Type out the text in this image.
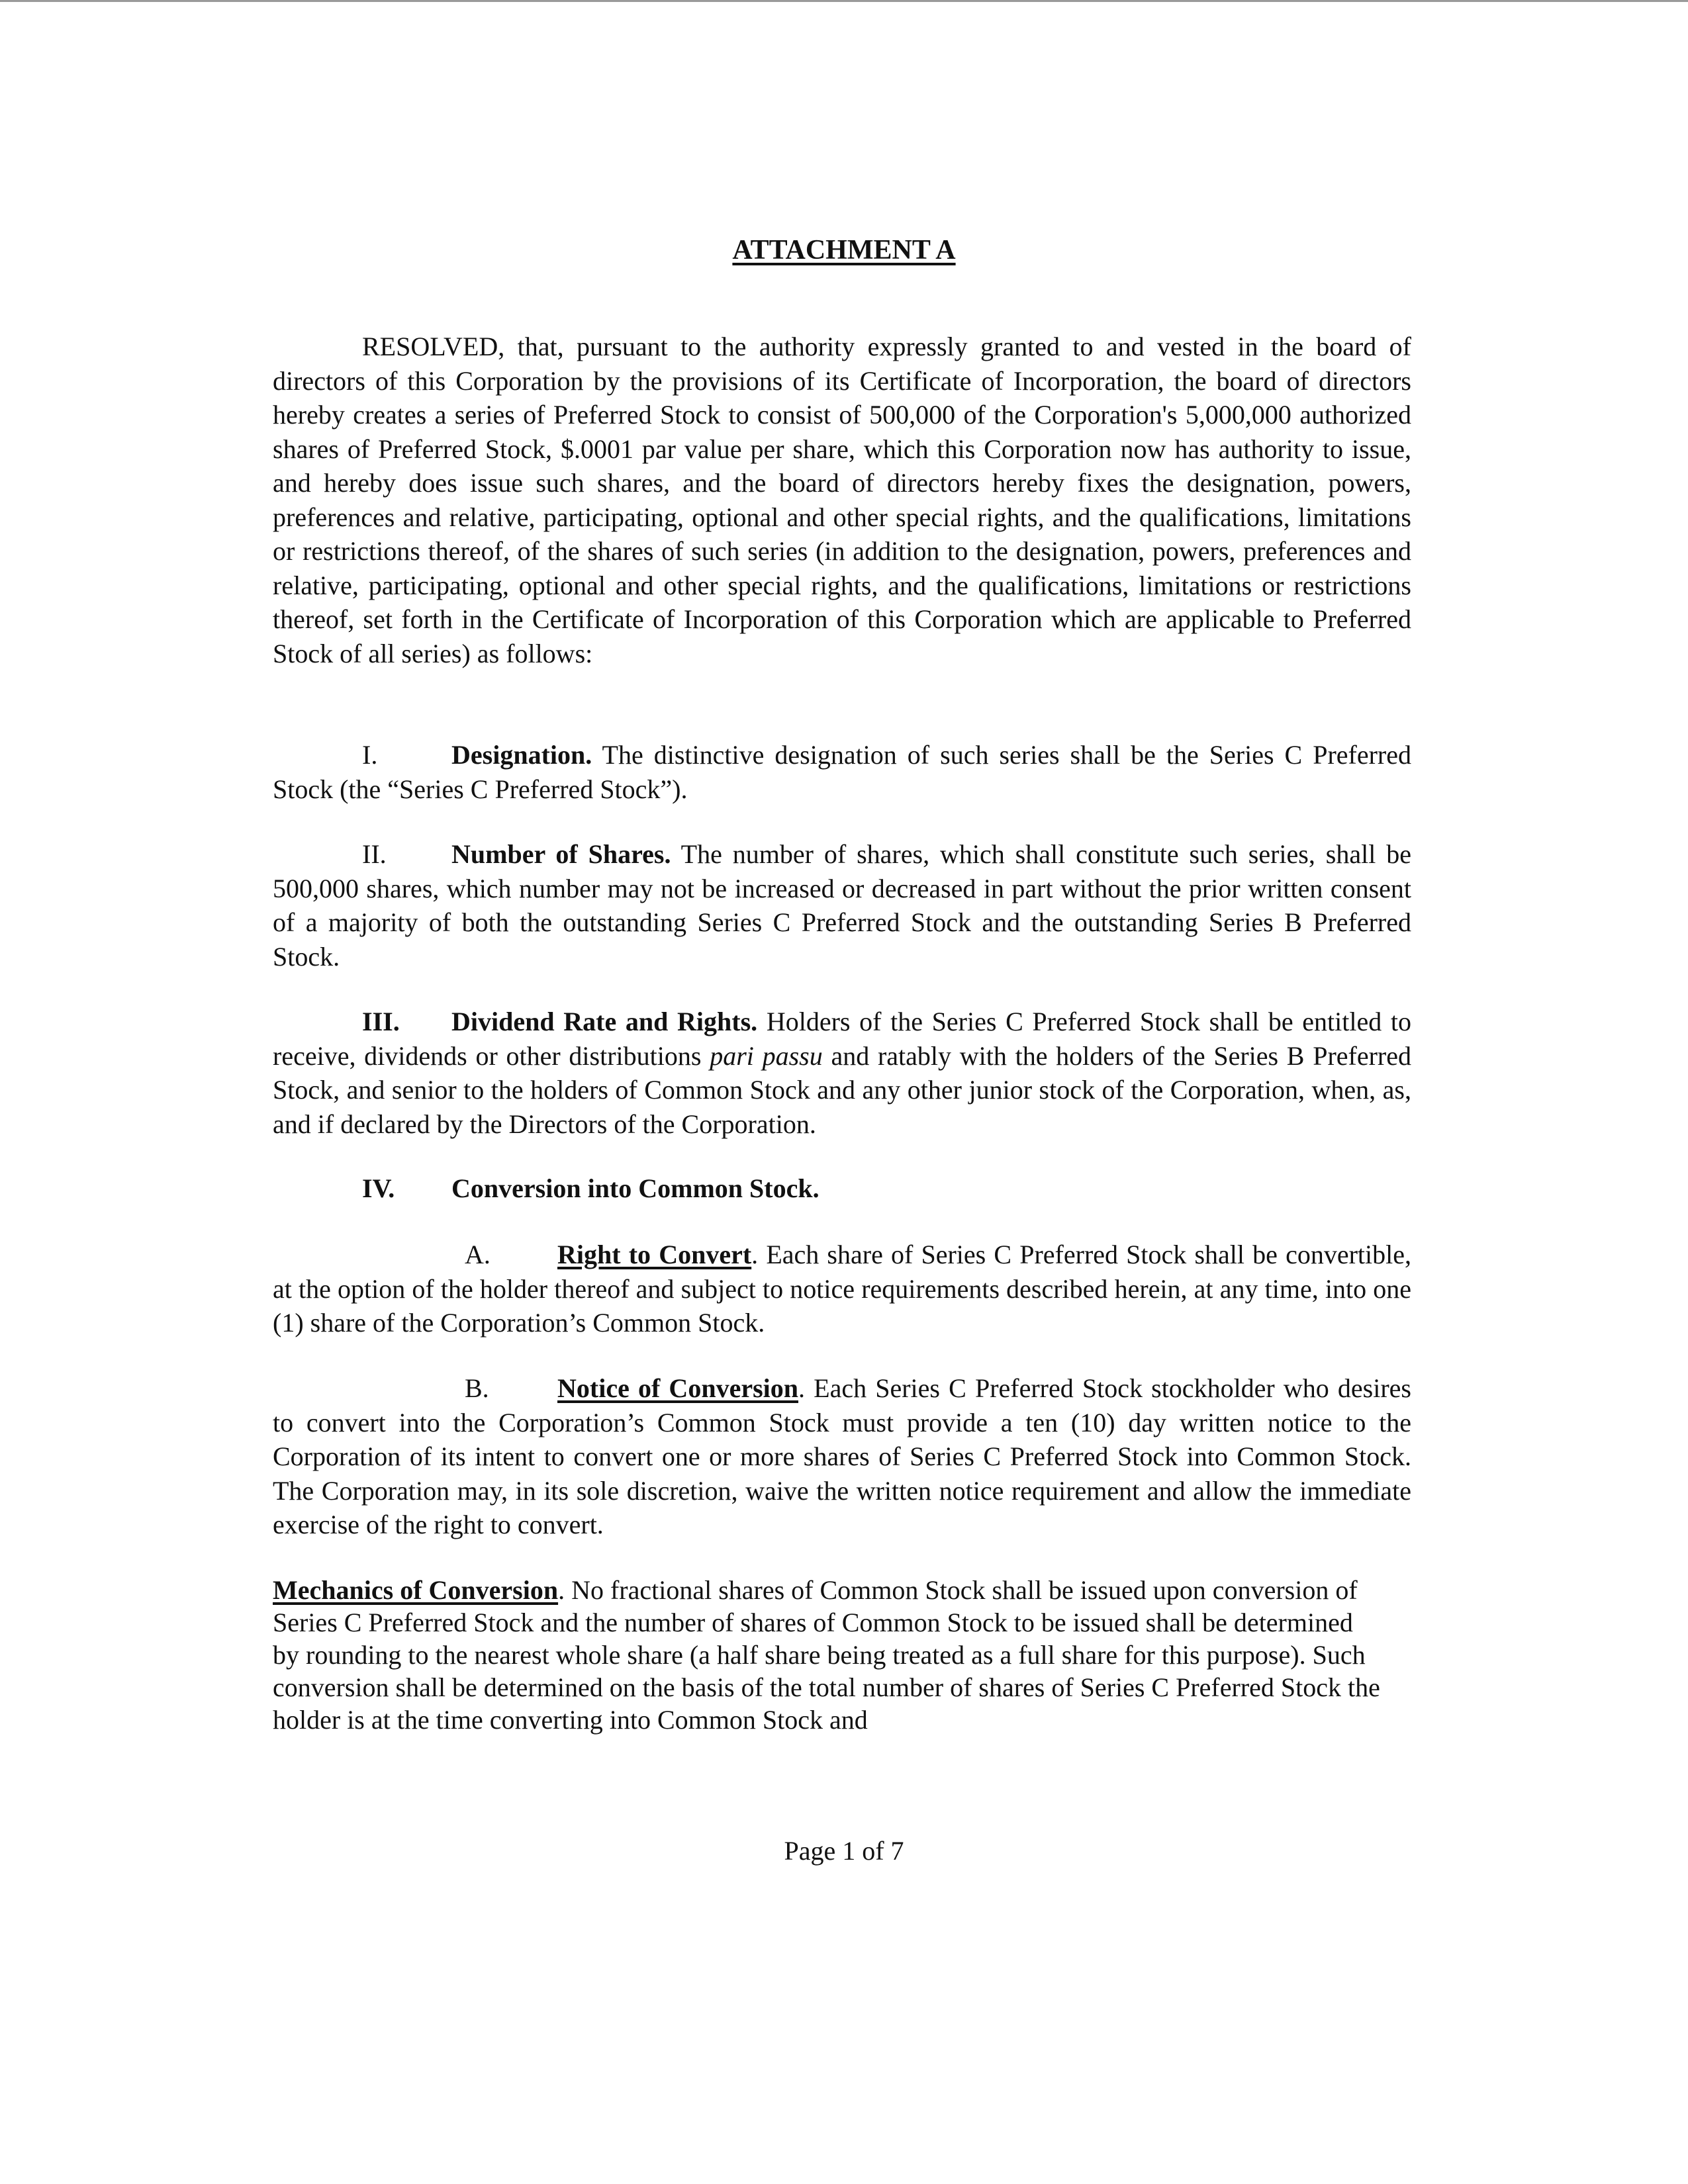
ATTACHMENT A

RESOLVED, that, pursuant to the authority expressly granted to and vested in the board of directors of this Corporation by the provisions of its Certificate of Incorporation, the board of directors hereby creates a series of Preferred Stock to consist of 500,000 of the Corporation's 5,000,000 authorized shares of Preferred Stock, $.0001 par value per share, which this Corporation now has authority to issue, and hereby does issue such shares, and the board of directors hereby fixes the designation, powers, preferences and relative, participating, optional and other special rights, and the qualifications, limitations or restrictions thereof, of the shares of such series (in addition to the designation, powers, preferences and relative, participating, optional and other special rights, and the qualifications, limitations or restrictions thereof, set forth in the Certificate of Incorporation of this Corporation which are applicable to Preferred Stock of all series) as follows:

I.	Designation. The distinctive designation of such series shall be the Series C Preferred Stock (the “Series C Preferred Stock”).

II. Number of Shares. The number of shares, which shall constitute such series, shall be 500,000 shares, which number may not be increased or decreased in part without the prior written consent of a majority of both the outstanding Series C Preferred Stock and the outstanding Series B Preferred Stock.

III. Dividend Rate and Rights. Holders of the Series C Preferred Stock shall be entitled to receive, dividends or other distributions pari passu and ratably with the holders of the Series B Preferred Stock, and senior to the holders of Common Stock and any other junior stock of the Corporation, when, as, and if declared by the Directors of the Corporation.

IV. Conversion into Common Stock.

A.	Right to Convert. Each share of Series C Preferred Stock shall be convertible, at the option of the holder thereof and subject to notice requirements described herein, at any time, into one (1) share of the Corporation’s Common Stock.

B.	Notice of Conversion. Each Series C Preferred Stock stockholder who desires to convert into the Corporation’s Common Stock must provide a ten (10) day written notice to the Corporation of its intent to convert one or more shares of Series C Preferred Stock into Common Stock. The Corporation may, in its sole discretion, waive the written notice requirement and allow the immediate exercise of the right to convert.

Mechanics of Conversion. No fractional shares of Common Stock shall be issued upon conversion of Series C Preferred Stock and the number of shares of Common Stock to be issued shall be determined by rounding to the nearest whole share (a half share being treated as a full share for this purpose). Such conversion shall be determined on the basis of the total number of shares of Series C Preferred Stock the holder is at the time converting into Common Stock and

Page 1 of 7
